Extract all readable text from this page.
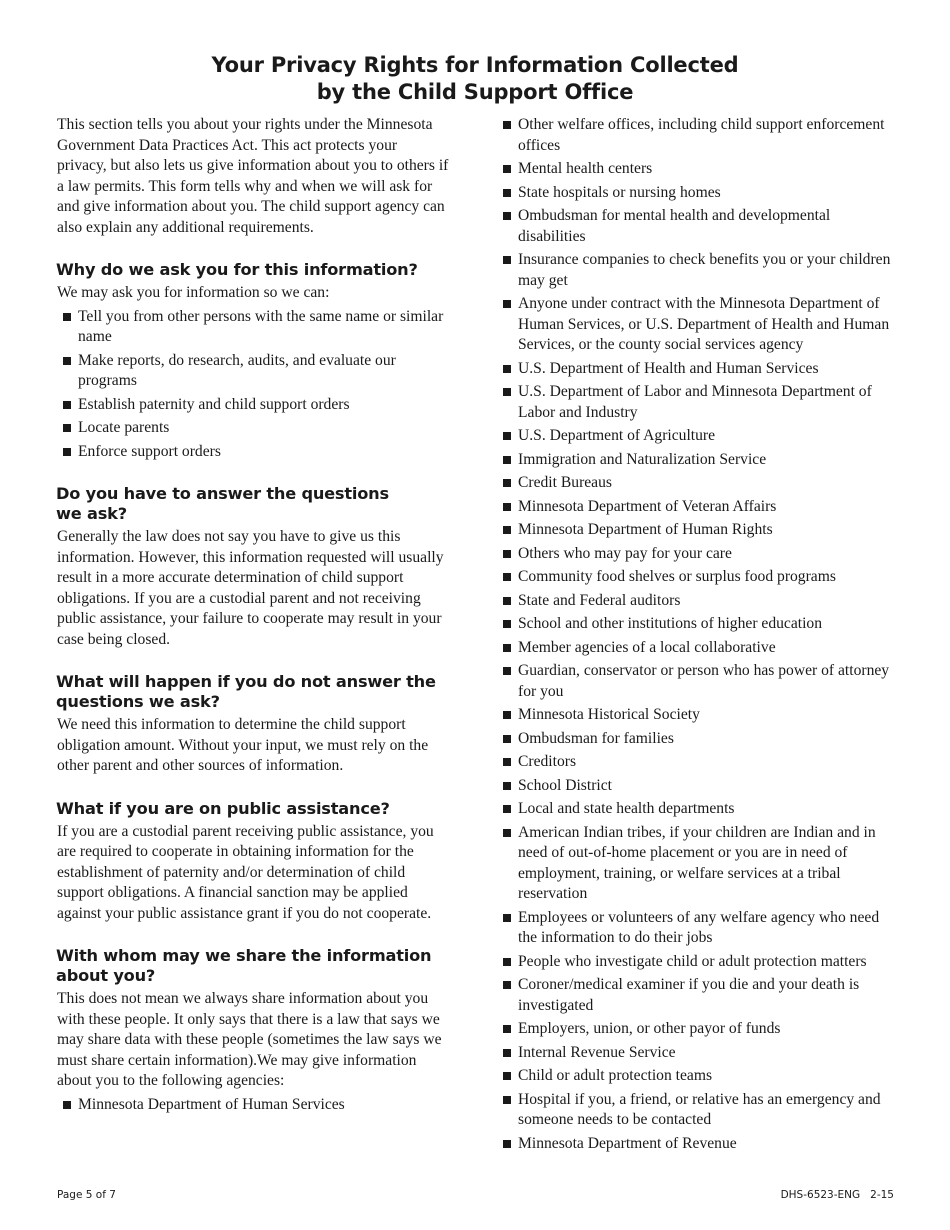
Your Privacy Rights for Information Collected
by the Child Support Office

This section tells you about your rights under the Minnesota Government Data Practices Act. This act protects your privacy, but also lets us give information about you to others if a law permits. This form tells why and when we will ask for and give information about you. The child support agency can also explain any additional requirements.

Why do we ask you for this information?

We may ask you for information so we can:

Tell you from other persons with the same name or similar name
Make reports, do research, audits, and evaluate our programs
Establish paternity and child support orders
Locate parents
Enforce support orders
Do you have to answer the questions
we ask?

Generally the law does not say you have to give us this information. However, this information requested will usually result in a more accurate determination of child support obligations. If you are a custodial parent and not receiving public assistance, your failure to cooperate may result in your case being closed.

What will happen if you do not answer the
questions we ask?

We need this information to determine the child support obligation amount. Without your input, we must rely on the other parent and other sources of information.

What if you are on public assistance?

If you are a custodial parent receiving public assistance, you are required to cooperate in obtaining information for the establishment of paternity and/or determination of child support obligations. A financial sanction may be applied against your public assistance grant if you do not cooperate.

With whom may we share the information
about you?

This does not mean we always share information about you with these people. It only says that there is a law that says we may share data with these people (sometimes the law says we must share certain information).We may give information about you to the following agencies:

Minnesota Department of Human Services
Other welfare offices, including child support enforcement offices
Mental health centers
State hospitals or nursing homes
Ombudsman for mental health and developmental disabilities
Insurance companies to check benefits you or your children may get
Anyone under contract with the Minnesota Department of Human Services, or U.S. Department of Health and Human Services, or the county social services agency
U.S. Department of Health and Human Services
U.S. Department of Labor and Minnesota Department of Labor and Industry
U.S. Department of Agriculture
Immigration and Naturalization Service
Credit Bureaus
Minnesota Department of Veteran Affairs
Minnesota Department of Human Rights
Others who may pay for your care
Community food shelves or surplus food programs
State and Federal auditors
School and other institutions of higher education
Member agencies of a local collaborative
Guardian, conservator or person who has power of attorney for you
Minnesota Historical Society
Ombudsman for families
Creditors
School District
Local and state health departments
American Indian tribes, if your children are Indian and in need of out-of-home placement or you are in need of employment, training, or welfare services at a tribal reservation
Employees or volunteers of any welfare agency who need the information to do their jobs
People who investigate child or adult protection matters
Coroner/medical examiner if you die and your death is investigated
Employers, union, or other payor of funds
Internal Revenue Service
Child or adult protection teams
Hospital if you, a friend, or relative has an emergency and someone needs to be contacted
Minnesota Department of Revenue
Page 5 of 7	DHS-6523-ENG   2-15
